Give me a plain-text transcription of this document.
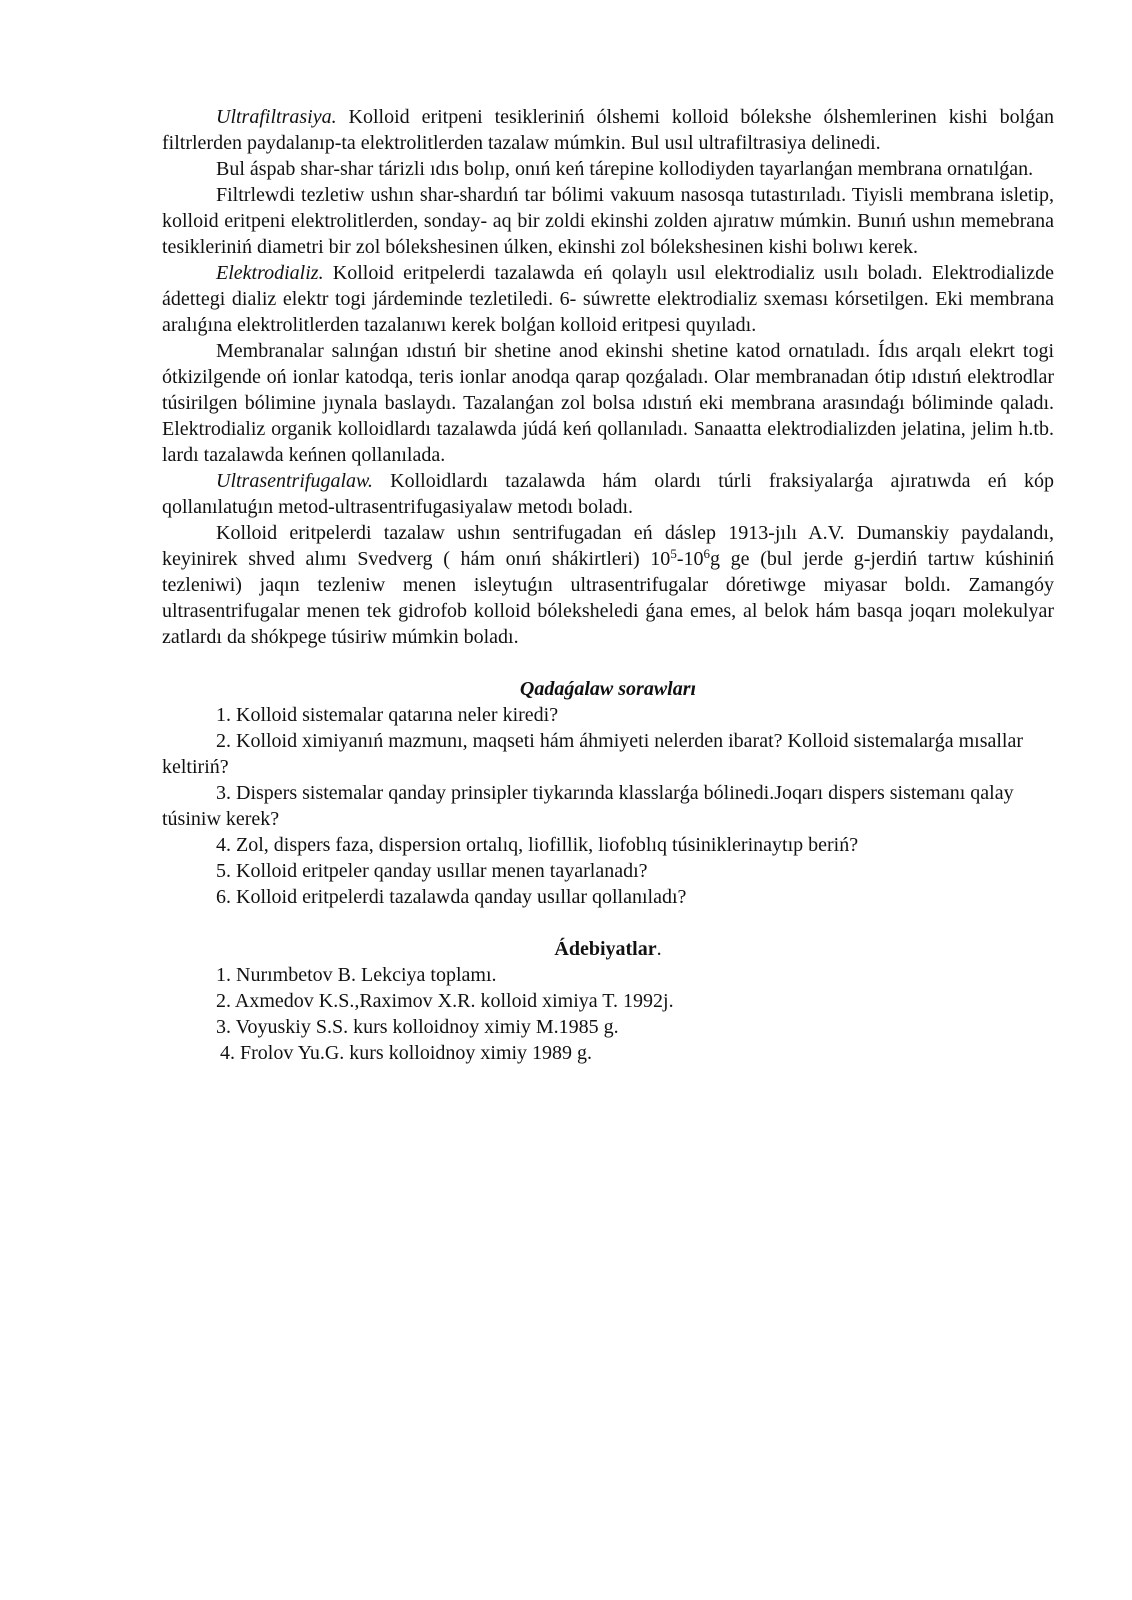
Ultrafiltrasiya. Kolloid eritpeni tesikleriniń ólshemi kolloid bólekshe ólshemlerinen kishi bolǵan filtrlerden paydalanıp-ta elektrolitlerden tazalaw múmkin. Bul usıl ultrafiltrasiya delinedi.

Bul áspab shar-shar tárizli ıdıs bolıp, onıń keń tárepine kollodiyden tayarlanǵan membrana ornatılǵan.

Filtrlewdi tezletiw ushın shar-shardıń tar bólimi vakuum nasosqa tutastırıladı. Tiyisli membrana isletip, kolloid eritpeni elektrolitlerden, sonday- aq bir zoldi ekinshi zolden ajıratıw múmkin. Bunıń ushın memebrana tesikleriniń diametri bir zol bólekshesinen úlken, ekinshi zol bólekshesinen kishi bolıwı kerek.

Elektrodializ. Kolloid eritpelerdi tazalawda eń qolaylı usıl elektrodializ usılı boladı. Elektrodializde ádettegi dializ elektr togi járdeminde tezletiledi. 6- súwrette elektrodializ sxeması kórsetilgen. Eki membrana aralıǵına elektrolitlerden tazalanıwı kerek bolǵan kolloid eritpesi quyıladı.

Membranalar salınǵan ıdıstıń bir shetine anod ekinshi shetine katod ornatıladı. Ídıs arqalı elekrt togi ótkizilgende oń ionlar katodqa, teris ionlar anodqa qarap qozǵaladı. Olar membranadan ótip ıdıstıń elektrodlar túsirilgen bólimine jıynala baslaydı. Tazalanǵan zol bolsa ıdıstıń eki membrana arasındaǵı bóliminde qaladı. Elektrodializ organik kolloidlardı tazalawda júdá keń qollanıladı. Sanaatta elektrodializden jelatina, jelim h.tb. lardı tazalawda keńnen qollanılada.

Ultrasentrifugalaw. Kolloidlardı tazalawda hám olardı túrli fraksiyalarǵa ajıratıwda eń kóp qollanılatuǵın metod-ultrasentrifugasiyalaw metodı boladı.

Kolloid eritpelerdi tazalaw ushın sentrifugadan eń dáslep 1913-jılı A.V. Dumanskiy paydalandı, keyinirek shved alımı Svedverg ( hám onıń shákirtleri) $10^5-10^6g$ ge (bul jerde g-jerdiń tartıw kúshiniń tezleniwi) jaqın tezleniw menen isleytuǵın ultrasentrifugalar dóretiwge miyasar boldı. Zamangóy ultrasentrifugalar menen tek gidrofob kolloid bóleksheledi ǵana emes, al belok hám basqa joqarı molekulyar zatlardı da shókpege túsiriw múmkin boladı.

Qadaǵalaw sorawları

1. Kolloid sistemalar qatarına neler kiredi?

2. Kolloid ximiyanıń mazmunı, maqseti hám áhmiyeti nelerden ibarat? Kolloid sistemalarǵa mısallar keltiriń?

3. Dispers sistemalar qanday prinsipler tiykarında klasslarǵa bólinedi.Joqarı dispers sistemanı qalay túsiniw kerek?

4. Zol, dispers faza, dispersion ortalıq, liofillik, liofoblıq túsiniklerinaytıp beriń?

5. Kolloid eritpeler qanday usıllar menen tayarlanadı?

6. Kolloid eritpelerdi tazalawda qanday usıllar qollanıladı?

Ádebiyatlar.

1. Nurımbetov B. Lekciya toplamı.

2. Axmedov K.S.,Raximov X.R. kolloid ximiya T. 1992j.

3. Voyuskiy S.S. kurs kolloidnoy ximiy M.1985 g.

4. Frolov Yu.G. kurs kolloidnoy ximiy 1989 g.
